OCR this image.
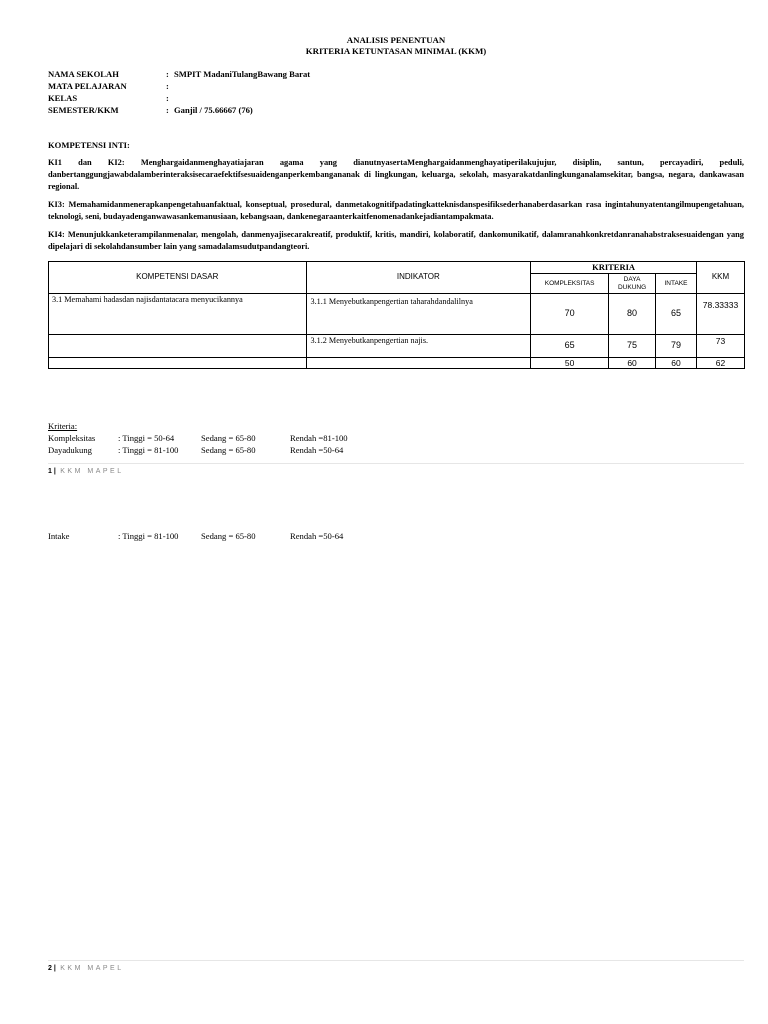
ANALISIS PENENTUAN
KRITERIA KETUNTASAN MINIMAL (KKM)
NAMA SEKOLAH	: SMPIT MadaniTulangBawang Barat
MATA PELAJARAN	:
KELAS	:
SEMESTER/KKM	: Ganjil / 75.66667 (76)
KOMPETENSI INTI:

KI1 dan KI2: Menghargaidanmenghayatiajaran agama yang dianutnyasertaMenghargaidanmenghayatiperilakujujur, disiplin, santun, percayadiri, peduli, danbertanggungjawabdalamberinteraksisecaraefektifsesuaidenganperkembangananak di lingkungan, keluarga, sekolah, masyarakatdanlingkunganalamsekitar, bangsa, negara, dankawasan regional.

KI3: Memahamidanmenerapkanpengetahuanfaktual, konseptual, prosedural, danmetakognitifpadatingkatteknisdanspesifiksederhanaberdasarkan rasa ingintahunyatentangilmupengetahuan, teknologi, seni, budayadenganwawasankemanusiaan, kebangsaan, dankenegaraanterkaitfenomenadankejadiantampakmata.

KI4: Menunjukkanketerampilanmenalar, mengolah, danmenyajisecarakreatif, produktif, kritis, mandiri, kolaboratif, dankomunikatif, dalamranahkonkretdanranahabstraksesuaidengan yang dipelajari di sekolahdansumber lain yang samadalamsudutpandangteori.

KOMPETENSI DASAR	INDIKATOR	KRITERIA			KKM
		KOMPLEKSITAS	DAYA DUKUNG	INTAKE	
3.1 Memahami hadasdan najisdantatacara menyucikannya	3.1.1 Menyebutkanpengertian taharahdandalilnya	70	80	65	78.33333
	3.1.2 Menyebutkanpengertian najis.	65	75	79	73
		50	60	60	62
Kriteria:
Kompleksitas	: Tinggi = 50-64	Sedang = 65-80	Rendah =81-100
Dayadukung	: Tinggi = 81-100	Sedang = 65-80	Rendah =50-64
1 | KKM MAPEL
Intake	: Tinggi = 81-100	Sedang = 65-80	Rendah =50-64
2 | KKM MAPEL
